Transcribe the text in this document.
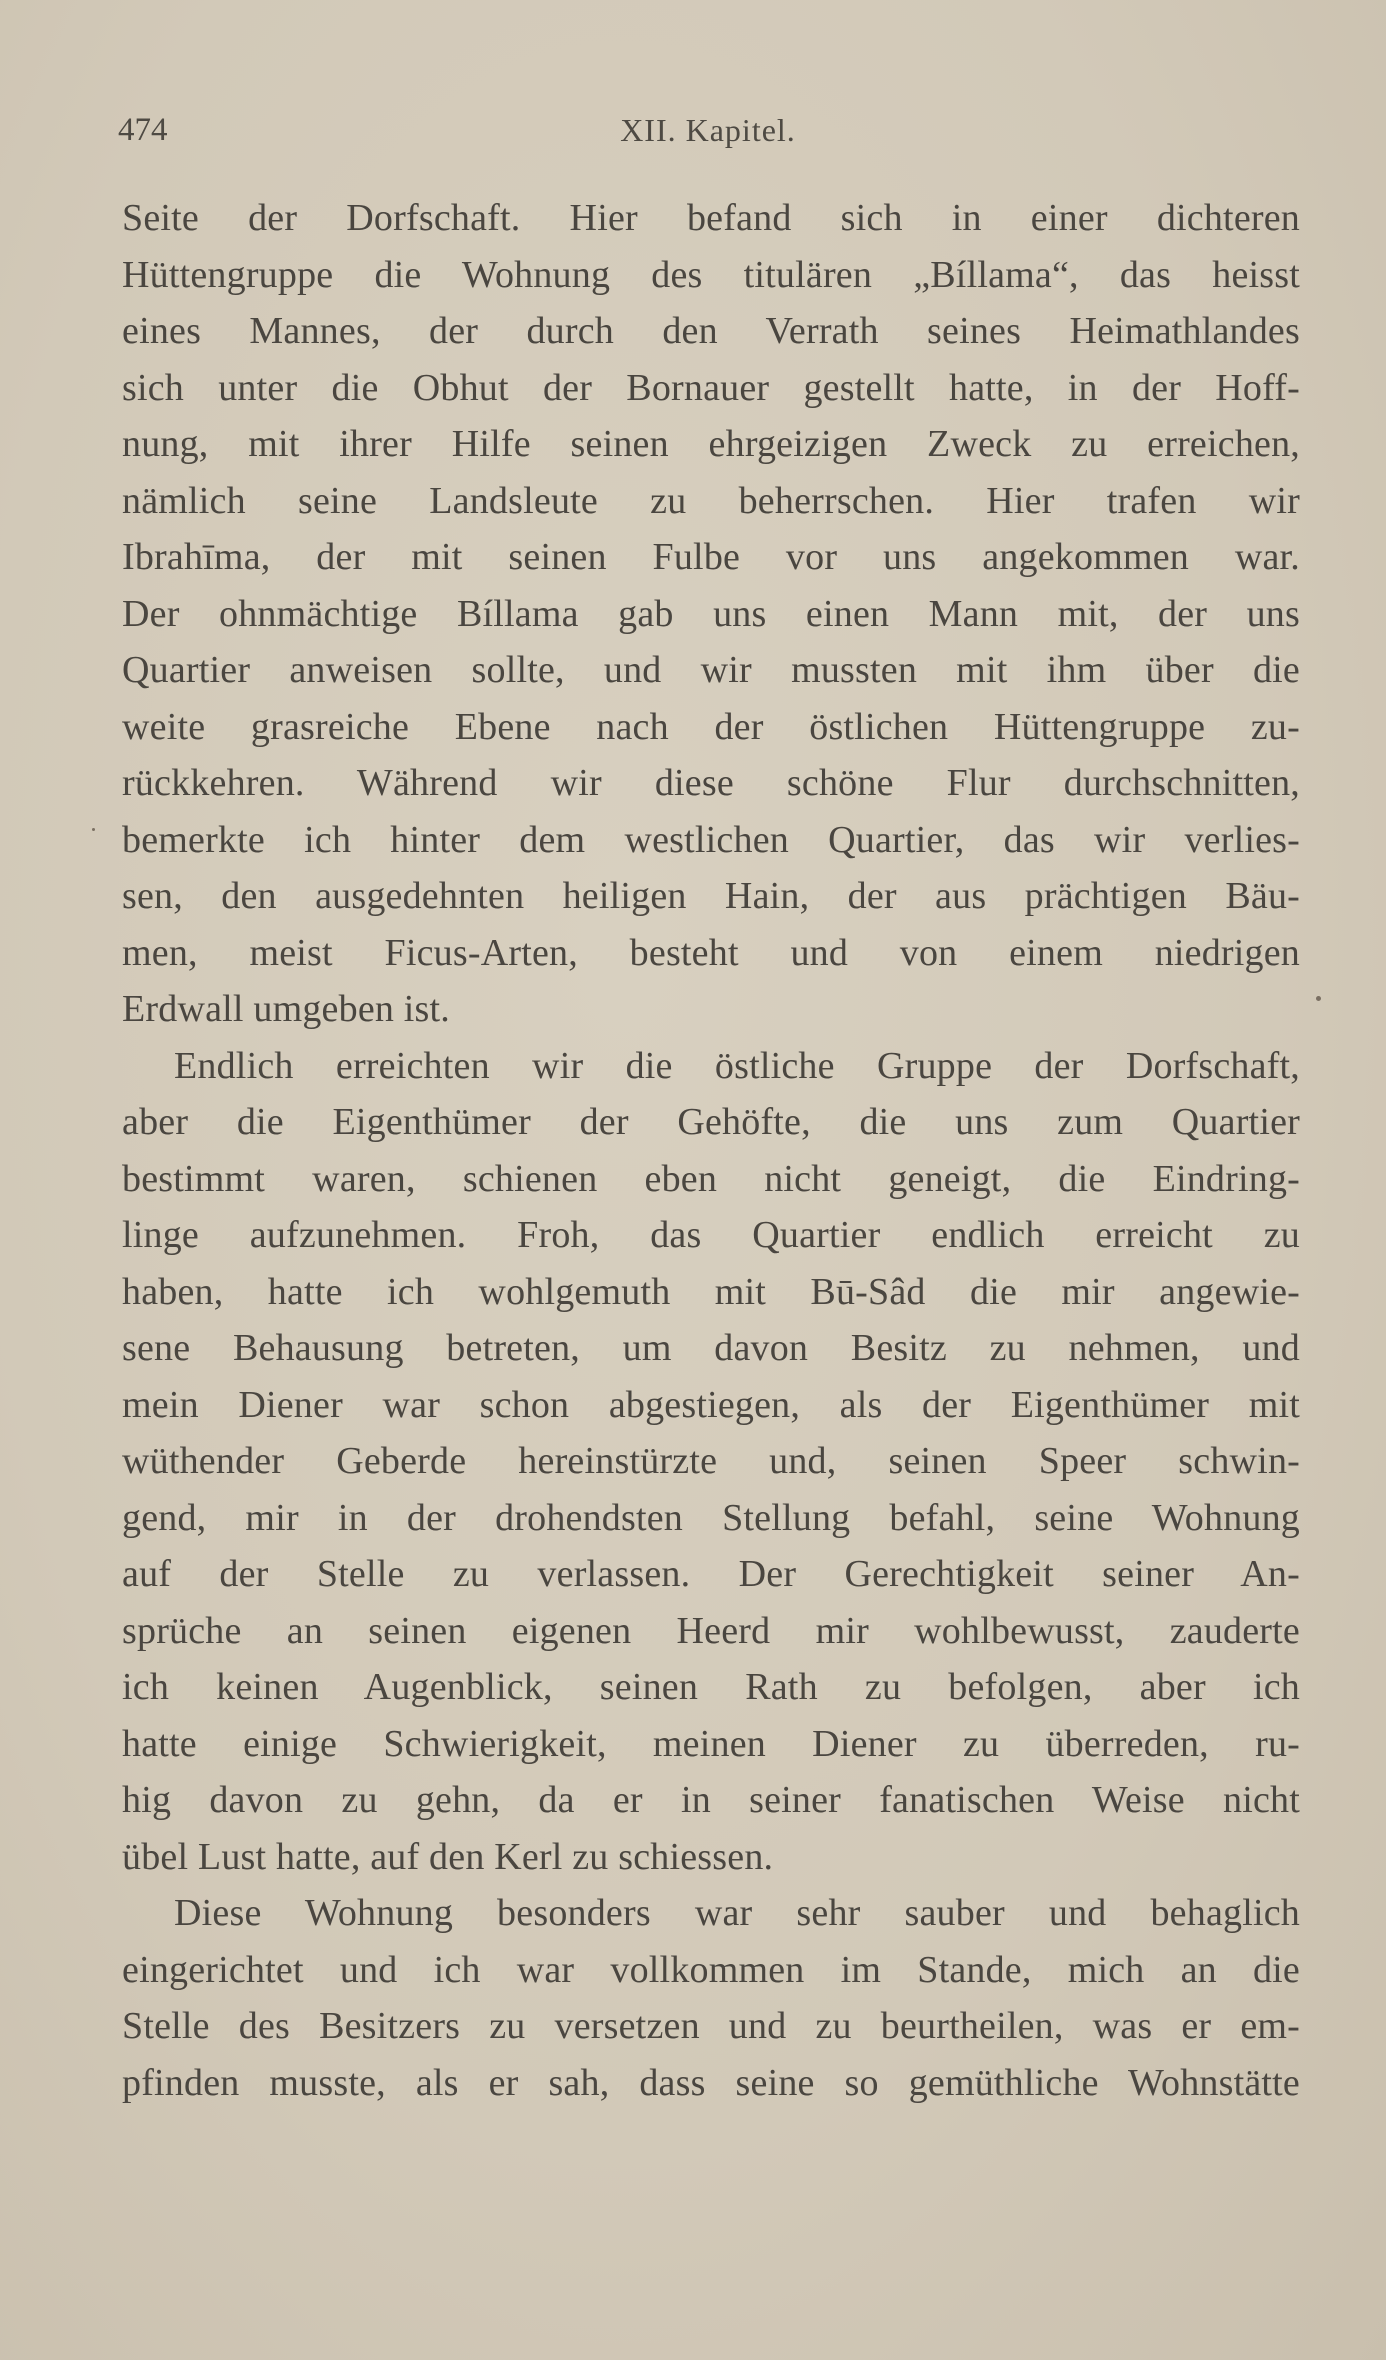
474	XII. Kapitel.
Seite der Dorfschaft. Hier befand sich in einer dichteren
Hüttengruppe die Wohnung des titulären „Bíllama“, das heisst
eines Mannes, der durch den Verrath seines Heimathlandes
sich unter die Obhut der Bornauer gestellt hatte, in der Hoff-
nung, mit ihrer Hilfe seinen ehrgeizigen Zweck zu erreichen,
nämlich seine Landsleute zu beherrschen. Hier trafen wir
Ibrahīma, der mit seinen Fulbe vor uns angekommen war.
Der ohnmächtige Bíllama gab uns einen Mann mit, der uns
Quartier anweisen sollte, und wir mussten mit ihm über die
weite grasreiche Ebene nach der östlichen Hüttengruppe zu-
rückkehren. Während wir diese schöne Flur durchschnitten,
bemerkte ich hinter dem westlichen Quartier, das wir verlies-
sen, den ausgedehnten heiligen Hain, der aus prächtigen Bäu-
men, meist Ficus-Arten, besteht und von einem niedrigen
Erdwall umgeben ist.
Endlich erreichten wir die östliche Gruppe der Dorfschaft,
aber die Eigenthümer der Gehöfte, die uns zum Quartier
bestimmt waren, schienen eben nicht geneigt, die Eindring-
linge aufzunehmen. Froh, das Quartier endlich erreicht zu
haben, hatte ich wohlgemuth mit Bū-Sâd die mir angewie-
sene Behausung betreten, um davon Besitz zu nehmen, und
mein Diener war schon abgestiegen, als der Eigenthümer mit
wüthender Geberde hereinstürzte und, seinen Speer schwin-
gend, mir in der drohendsten Stellung befahl, seine Wohnung
auf der Stelle zu verlassen. Der Gerechtigkeit seiner An-
sprüche an seinen eigenen Heerd mir wohlbewusst, zauderte
ich keinen Augenblick, seinen Rath zu befolgen, aber ich
hatte einige Schwierigkeit, meinen Diener zu überreden, ru-
hig davon zu gehn, da er in seiner fanatischen Weise nicht
übel Lust hatte, auf den Kerl zu schiessen.
Diese Wohnung besonders war sehr sauber und behaglich
eingerichtet und ich war vollkommen im Stande, mich an die
Stelle des Besitzers zu versetzen und zu beurtheilen, was er em-
pfinden musste, als er sah, dass seine so gemüthliche Wohnstätte
